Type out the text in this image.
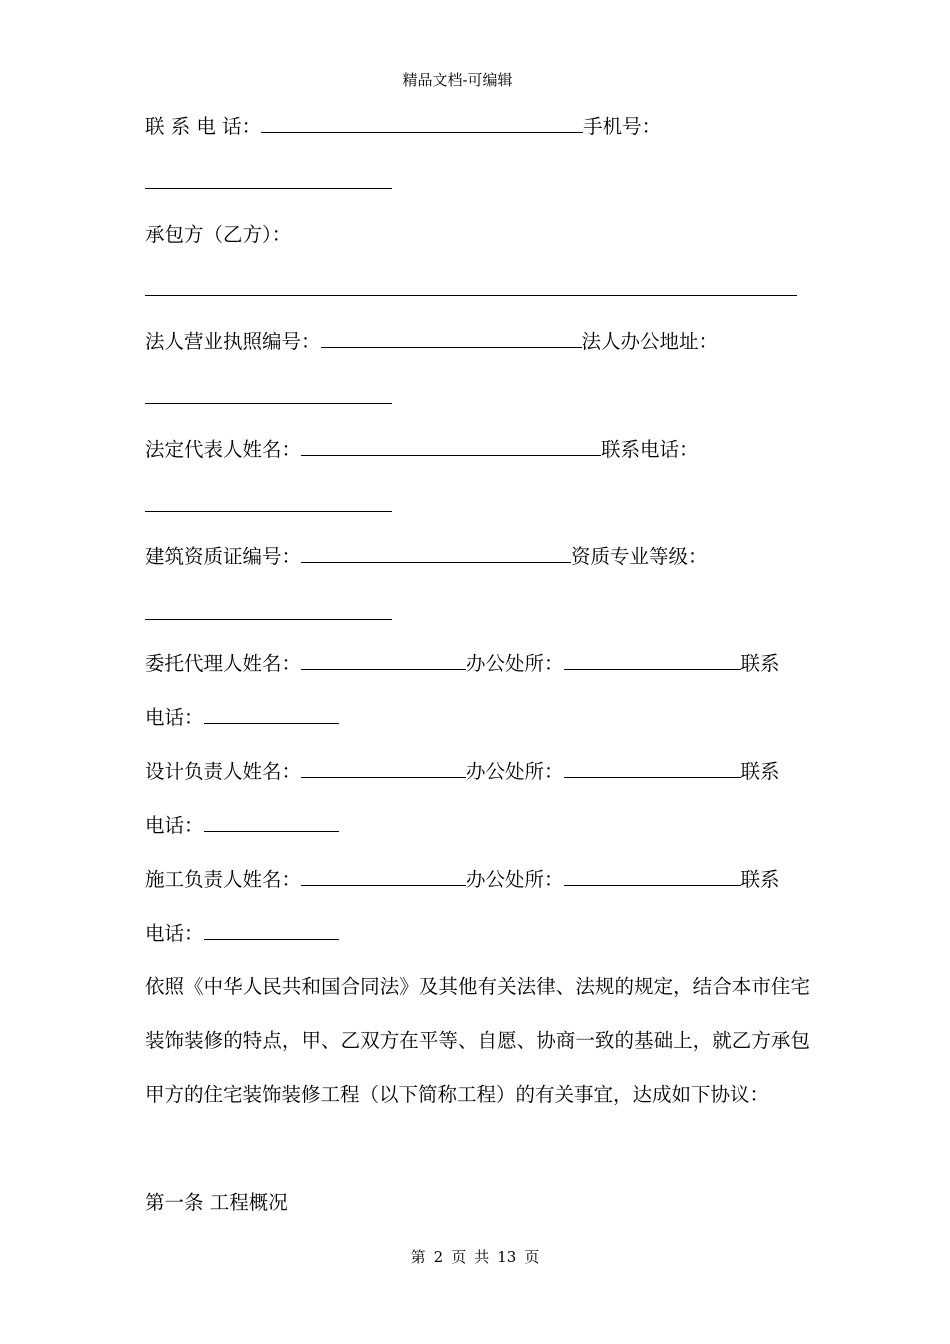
精品文档-可编辑
联 系 电 话：	手机号：
承包方（乙方）：
法人营业执照编号：	法人办公地址：
法定代表人姓名：	联系电话：
建筑资质证编号：	资质专业等级：
委托代理人姓名：	办公处所：	联系
电话：
设计负责人姓名：	办公处所：	联系
电话：
施工负责人姓名：	办公处所：	联系
电话：
依照《中华人民共和国合同法》及其他有关法律、法规的规定，结合本市住宅装饰装修的特点，甲、乙双方在平等、自愿、协商一致的基础上，就乙方承包甲方的住宅装饰装修工程（以下简称工程）的有关事宜，达成如下协议：
第一条 工程概况
第 2 页 共 13 页
